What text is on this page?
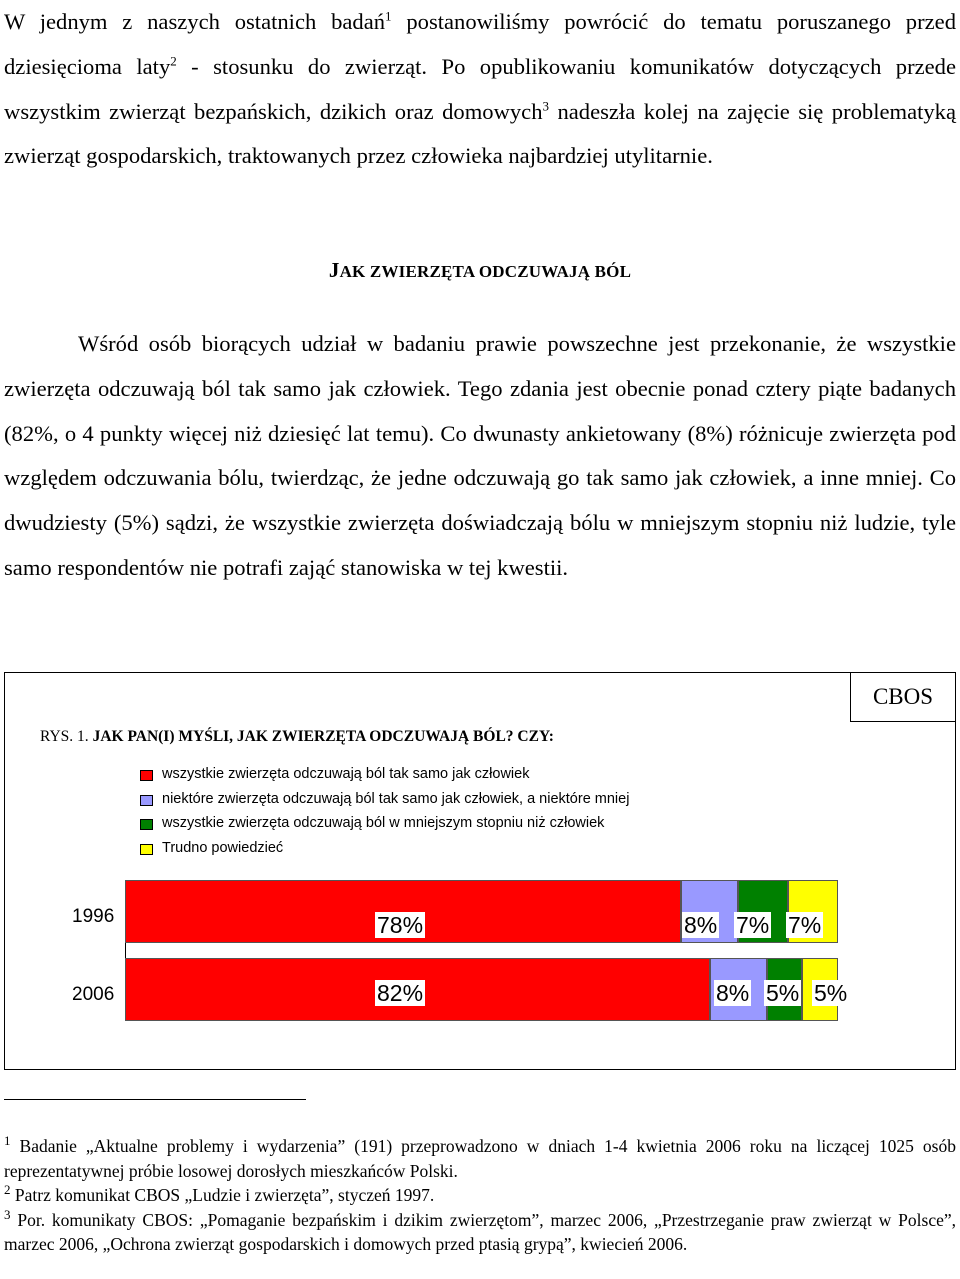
W jednym z naszych ostatnich badań$^1$ postanowiliśmy powrócić do tematu poruszanego przed dziesięcioma laty$^2$ - stosunku do zwierząt. Po opublikowaniu komunikatów dotyczących przede wszystkim zwierząt bezpańskich, dzikich oraz domowych$^3$ nadeszła kolej na zajęcie się problematyką zwierząt gospodarskich, traktowanych przez człowieka najbardziej utylitarnie.

JAK ZWIERZĘTA ODCZUWAJĄ BÓL

Wśród osób biorących udział w badaniu prawie powszechne jest przekonanie, że wszystkie zwierzęta odczuwają ból tak samo jak człowiek. Tego zdania jest obecnie ponad cztery piąte badanych (82%, o 4 punkty więcej niż dziesięć lat temu). Co dwunasty ankietowany (8%) różnicuje zwierzęta pod względem odczuwania bólu, twierdząc, że jedne odczuwają go tak samo jak człowiek, a inne mniej. Co dwudziesty (5%) sądzi, że wszystkie zwierzęta doświadczają bólu w mniejszym stopniu niż ludzie, tyle samo respondentów nie potrafi zająć stanowiska w tej kwestii.

CBOS
RYS. 1. JAK PAN(I) MYŚLI, JAK ZWIERZĘTA ODCZUWAJĄ BÓL? CZY:
wszystkie zwierzęta odczuwają ból tak samo jak człowiek
niektóre zwierzęta odczuwają ból tak samo jak człowiek, a niektóre mniej
wszystkie zwierzęta odczuwają ból w mniejszym stopniu niż człowiek
Trudno powiedzieć
1996	78%	8% 7% 7%
2006	82%	8% 5% 5%

$^1$ Badanie „Aktualne problemy i wydarzenia” (191) przeprowadzono w dniach 1-4 kwietnia 2006 roku na liczącej 1025 osób reprezentatywnej próbie losowej dorosłych mieszkańców Polski.

$^2$ Patrz komunikat CBOS „Ludzie i zwierzęta”, styczeń 1997.

$^3$ Por. komunikaty CBOS: „Pomaganie bezpańskim i dzikim zwierzętom”, marzec 2006, „Przestrzeganie praw zwierząt w Polsce”, marzec 2006, „Ochrona zwierząt gospodarskich i domowych przed ptasią grypą”, kwiecień 2006.
